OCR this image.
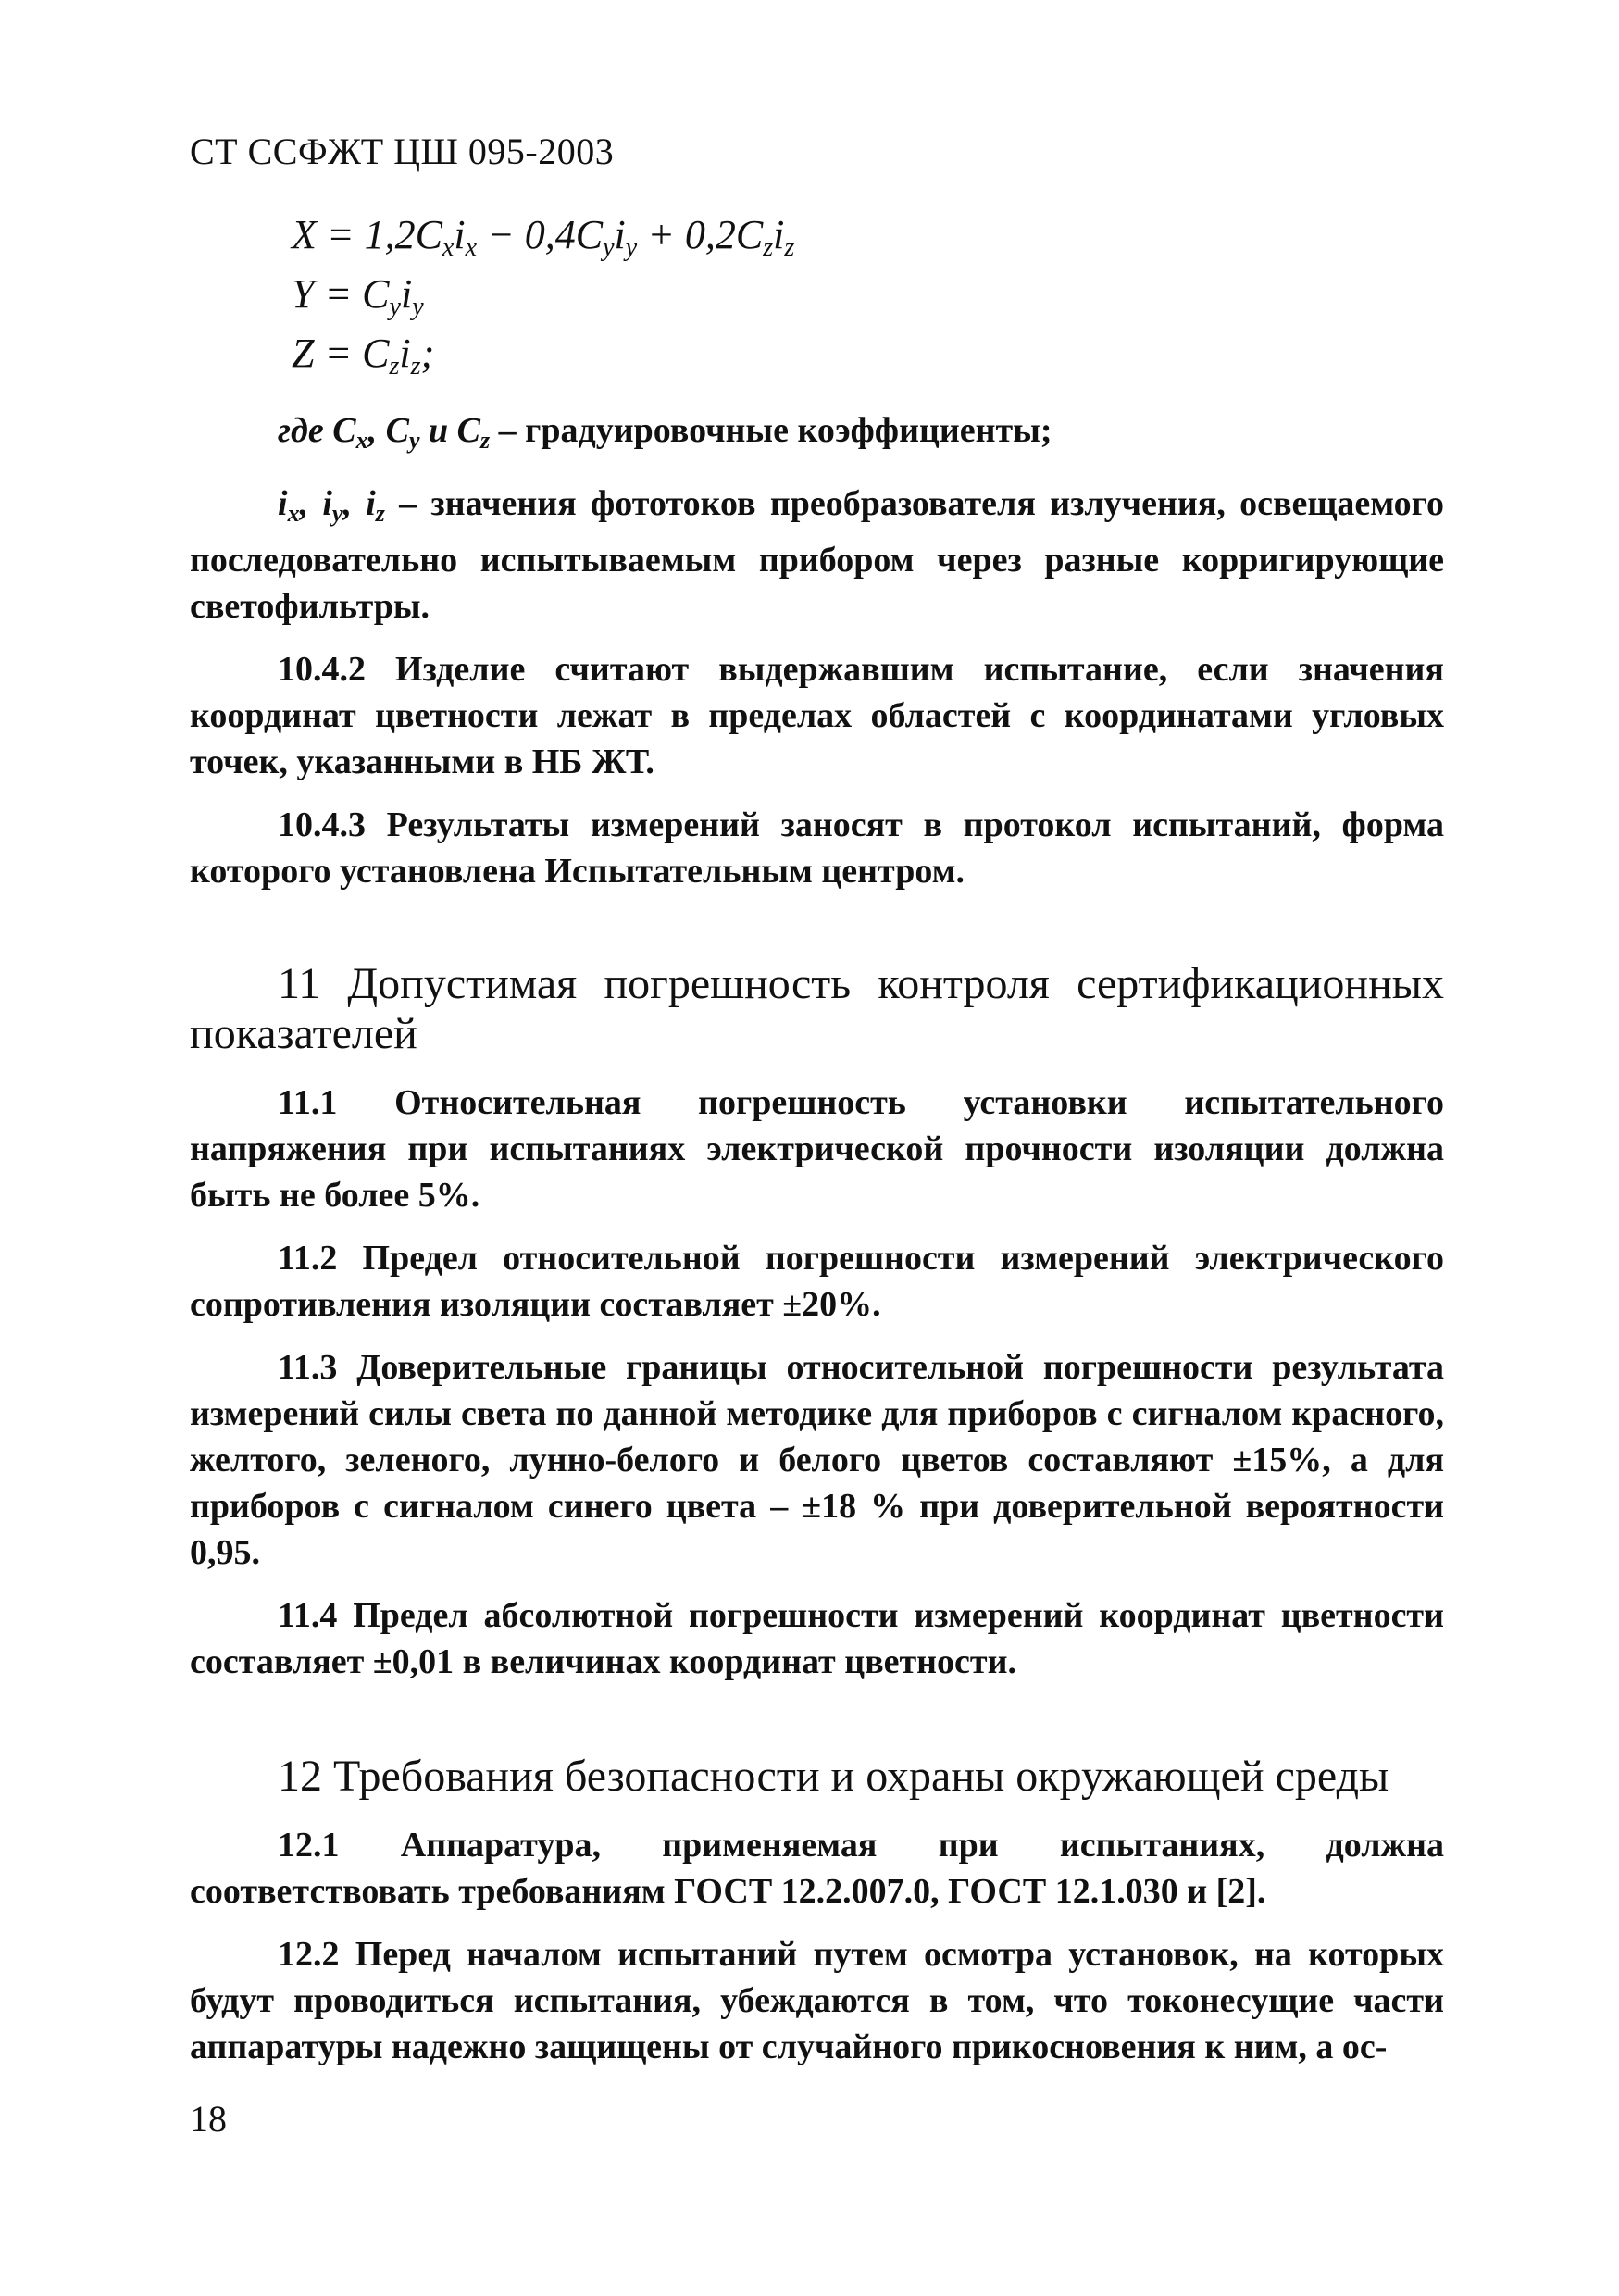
СТ ССФЖТ ЦШ 095-2003
$X = 1,2C_xi_x - 0,4C_yi_y + 0,2C_zi_z$
$Y = C_yi_y$
$Z = C_zi_z$;

где Cx, Cy и Cz – градуировочные коэффициенты;

ix, iy, iz – значения фототоков преобразователя излучения, освещаемого последовательно испытываемым прибором через разные корригирующие светофильтры.

10.4.2 Изделие считают выдержавшим испытание, если значения координат цветности лежат в пределах областей с координатами угловых точек, указанными в НБ ЖТ.

10.4.3 Результаты измерений заносят в протокол испытаний, форма которого установлена Испытательным центром.

11 Допустимая погрешность контроля сертификационных показателей

11.1 Относительная погрешность установки испытательного напряжения при испытаниях электрической прочности изоляции должна быть не более 5%.

11.2 Предел относительной погрешности измерений электрического сопротивления изоляции составляет ±20%.

11.3 Доверительные границы относительной погрешности результата измерений силы света по данной методике для приборов с сигналом красного, желтого, зеленого, лунно-белого и белого цветов составляют ±15%, а для приборов с сигналом синего цвета – ±18 % при доверительной вероятности 0,95.

11.4 Предел абсолютной погрешности измерений координат цветности составляет ±0,01 в величинах координат цветности.

12 Требования безопасности и охраны окружающей среды

12.1 Аппаратура, применяемая при испытаниях, должна соответствовать требованиям ГОСТ 12.2.007.0, ГОСТ 12.1.030 и [2].

12.2 Перед началом испытаний путем осмотра установок, на которых будут проводиться испытания, убеждаются в том, что токонесущие части аппаратуры надежно защищены от случайного прикосновения к ним, а ос-

18
